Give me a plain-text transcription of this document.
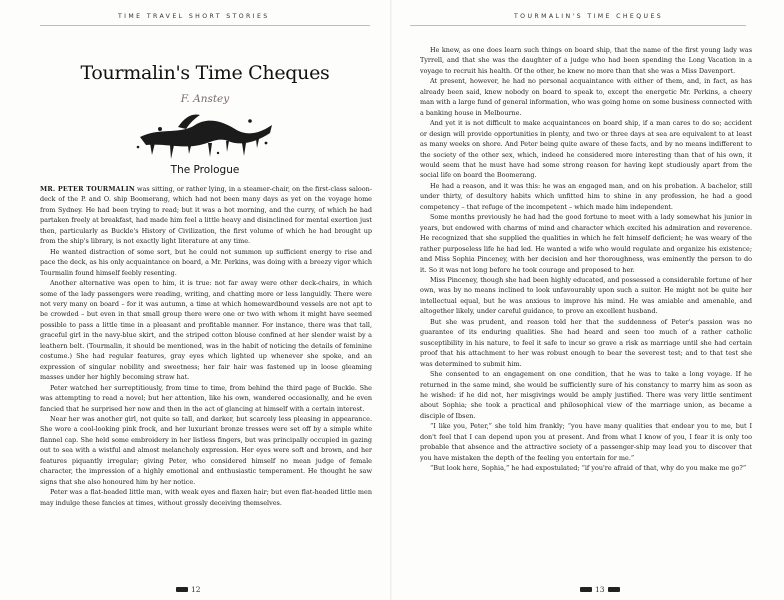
TIME TRAVEL SHORT STORIES
Tourmalin's Time Cheques
F. Anstey
The Prologue

MR. PETER TOURMALIN was sitting, or rather lying, in a steamer-chair, on the first-class saloon-deck of the P. and O. ship Boomerang, which had not been many days as yet on the voyage home from Sydney. He had been trying to read; but it was a hot morning, and the curry, of which he had partaken freely at breakfast, had made him feel a little heavy and disinclined for mental exertion just then, particularly as Buckle's History of Civilization, the first volume of which he had brought up from the ship's library, is not exactly light literature at any time.

He wanted distraction of some sort, but he could not summon up sufficient energy to rise and pace the deck, as his only acquaintance on board, a Mr. Perkins, was doing with a breezy vigor which Tourmalin found himself feebly resenting.

Another alternative was open to him, it is true: not far away were other deck-chairs, in which some of the lady passengers were reading, writing, and chatting more or less languidly. There were not very many on board – for it was autumn, a time at which homewardbound vessels are not apt to be crowded – but even in that small group there were one or two with whom it might have seemed possible to pass a little time in a pleasant and profitable manner. For instance, there was that tall, graceful girl in the navy-blue skirt, and the striped cotton blouse confined at her slender waist by a leathern belt. (Tourmalin, it should be mentioned, was in the habit of noticing the details of feminine costume.) She had regular features, gray eyes which lighted up whenever she spoke, and an expression of singular nobility and sweetness; her fair hair was fastened up in loose gleaming masses under her highly becoming straw hat.

Peter watched her surreptitiously, from time to time, from behind the third page of Buckle. She was attempting to read a novel; but her attention, like his own, wandered occasionally, and he even fancied that he surprised her now and then in the act of glancing at himself with a certain interest.

Near her was another girl, not quite so tall, and darker, but scarcely less pleasing in appearance. She wore a cool-looking pink frock, and her luxuriant bronze tresses were set off by a simple white flannel cap. She held some embroidery in her listless fingers, but was principally occupied in gazing out to sea with a wistful and almost melancholy expression. Her eyes were soft and brown, and her features piquantly irregular; giving Peter, who considered himself no mean judge of female character, the impression of a highly emotional and enthusiastic temperament. He thought he saw signs that she also honoured him by her notice.

Peter was a flat-headed little man, with weak eyes and flaxen hair; but even flat-headed little men may indulge these fancies at times, without grossly deceiving themselves.

12
TOURMALIN'S TIME CHEQUES

He knew, as one does learn such things on board ship, that the name of the first young lady was Tyrrell, and that she was the daughter of a judge who had been spending the Long Vacation in a voyage to recruit his health. Of the other, he knew no more than that she was a Miss Davenport.

At present, however, he had no personal acquaintance with either of them, and, in fact, as has already been said, knew nobody on board to speak to, except the energetic Mr. Perkins, a cheery man with a large fund of general information, who was going home on some business connected with a banking house in Melbourne.

And yet it is not difficult to make acquaintances on board ship, if a man cares to do so; accident or design will provide opportunities in plenty, and two or three days at sea are equivalent to at least as many weeks on shore. And Peter being quite aware of these facts, and by no means indifferent to the society of the other sex, which, indeed he considered more interesting than that of his own, it would seem that he must have had some strong reason for having kept studiously apart from the social life on board the Boomerang.

He had a reason, and it was this: he was an engaged man, and on his probation. A bachelor, still under thirty, of desultory habits which unfitted him to shine in any profession, he had a good competency – that refuge of the incompetent – which made him independent.

Some months previously he had had the good fortune to meet with a lady somewhat his junior in years, but endowed with charms of mind and character which excited his admiration and reverence. He recognized that she supplied the qualities in which he felt himself deficient; he was weary of the rather purposeless life he had led. He wanted a wife who would regulate and organize his existence; and Miss Sophia Pinceney, with her decision and her thoroughness, was eminently the person to do it. So it was not long before he took courage and proposed to her.

Miss Pinceney, though she had been highly educated, and possessed a considerable fortune of her own, was by no means inclined to look unfavourably upon such a suitor. He might not be quite her intellectual equal, but he was anxious to improve his mind. He was amiable and amenable, and altogether likely, under careful guidance, to prove an excellent husband.

But she was prudent, and reason told her that the suddenness of Peter's passion was no guarantee of its enduring qualities. She had heard and seen too much of a rather catholic susceptibility in his nature, to feel it safe to incur so grave a risk as marriage until she had certain proof that his attachment to her was robust enough to bear the severest test; and to that test she was determined to submit him.

She consented to an engagement on one condition, that he was to take a long voyage. If he returned in the same mind, she would be sufficiently sure of his constancy to marry him as soon as he wished: if he did not, her misgivings would be amply justified. There was very little sentiment about Sophia; she took a practical and philosophical view of the marriage union, as became a disciple of Ibsen.

“I like you, Peter,” she told him frankly; “you have many qualities that endear you to me, but I don't feel that I can depend upon you at present. And from what I know of you, I fear it is only too probable that absence and the attractive society of a passenger-ship may lead you to discover that you have mistaken the depth of the feeling you entertain for me.”

“But look here, Sophia,” he had expostulated; “if you're afraid of that, why do you make me go?”

13
